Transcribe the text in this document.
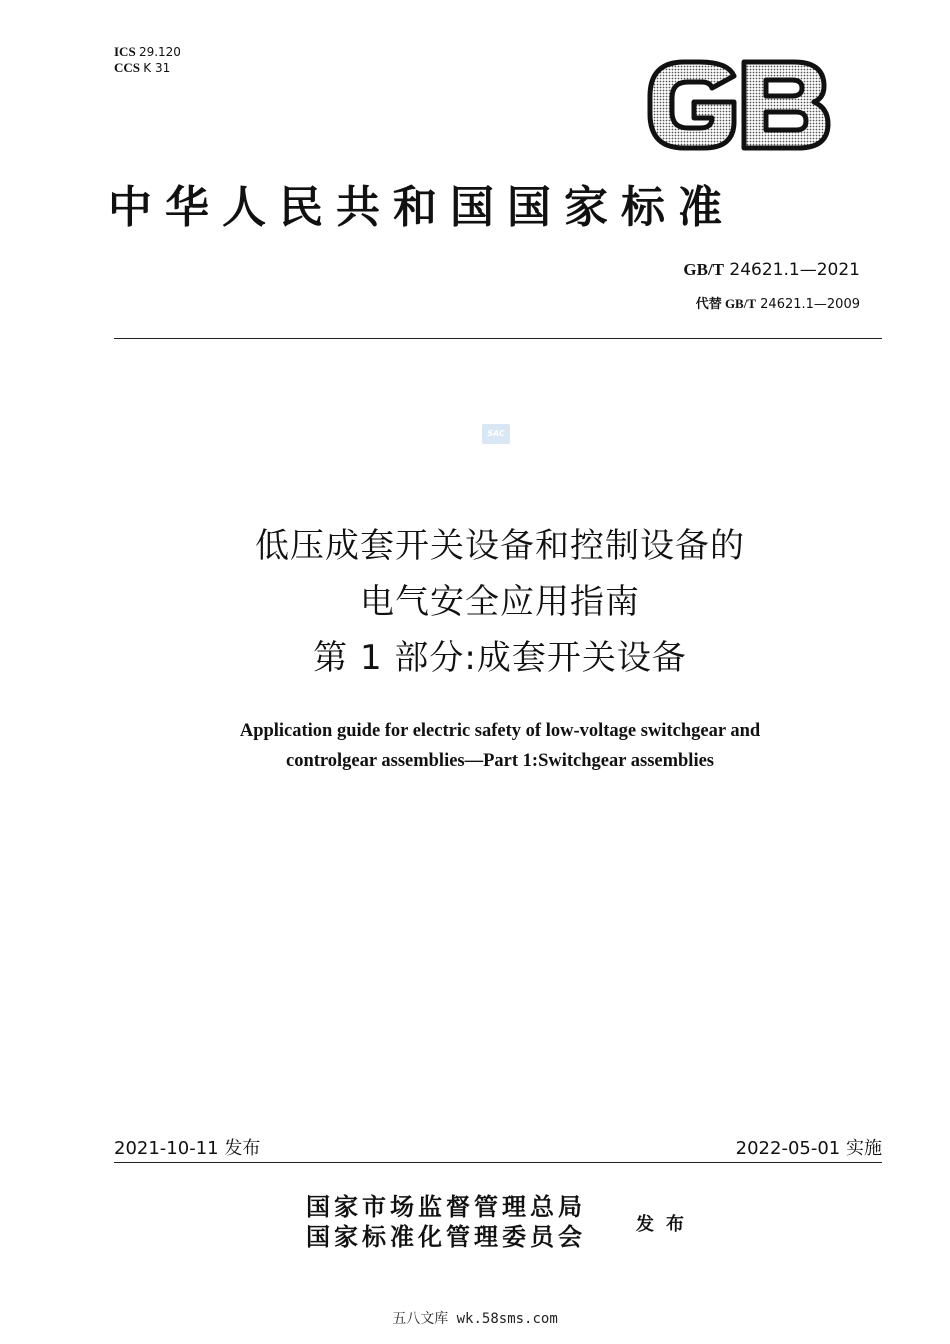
ICS 29.120
CCS K 31
中华人民共和国国家标准
GB/T 24621.1—2021
代替 GB/T 24621.1—2009
SAC
低压成套开关设备和控制设备的
电气安全应用指南
第 1 部分:成套开关设备
Application guide for electric safety of low-voltage switchgear and
controlgear assemblies—Part 1:Switchgear assemblies
2021-10-11 发布	2022-05-01 实施
国家市场监督管理总局
国家标准化管理委员会	发布
五八文库 wk.58sms.com
